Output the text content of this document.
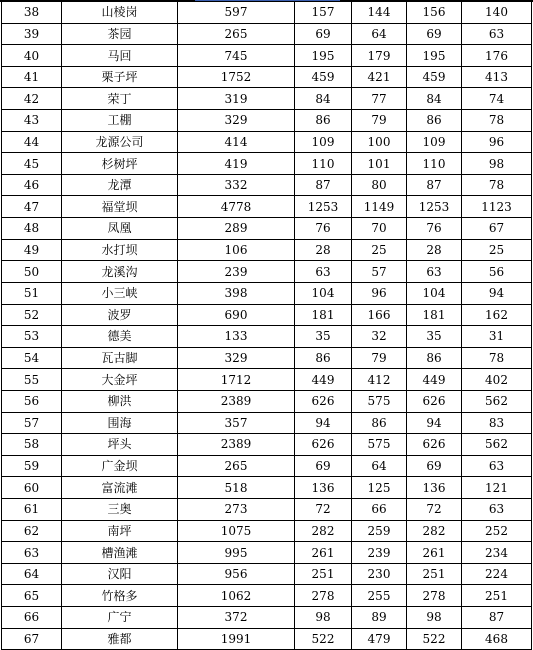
38	山棱岗	597	157	144	156	140
39	茶园	265	69	64	69	63
40	马回	745	195	179	195	176
41	栗子坪	1752	459	421	459	413
42	荣丁	319	84	77	84	74
43	工棚	329	86	79	86	78
44	龙源公司	414	109	100	109	96
45	杉树坪	419	110	101	110	98
46	龙潭	332	87	80	87	78
47	福堂坝	4778	1253	1149	1253	1123
48	凤凰	289	76	70	76	67
49	水打坝	106	28	25	28	25
50	龙溪沟	239	63	57	63	56
51	小三峡	398	104	96	104	94
52	波罗	690	181	166	181	162
53	德美	133	35	32	35	31
54	瓦古脚	329	86	79	86	78
55	大金坪	1712	449	412	449	402
56	柳洪	2389	626	575	626	562
57	围海	357	94	86	94	83
58	坪头	2389	626	575	626	562
59	广金坝	265	69	64	69	63
60	富流滩	518	136	125	136	121
61	三奥	273	72	66	72	63
62	南坪	1075	282	259	282	252
63	槽渔滩	995	261	239	261	234
64	汉阳	956	251	230	251	224
65	竹格多	1062	278	255	278	251
66	广宁	372	98	89	98	87
67	雅都	1991	522	479	522	468
